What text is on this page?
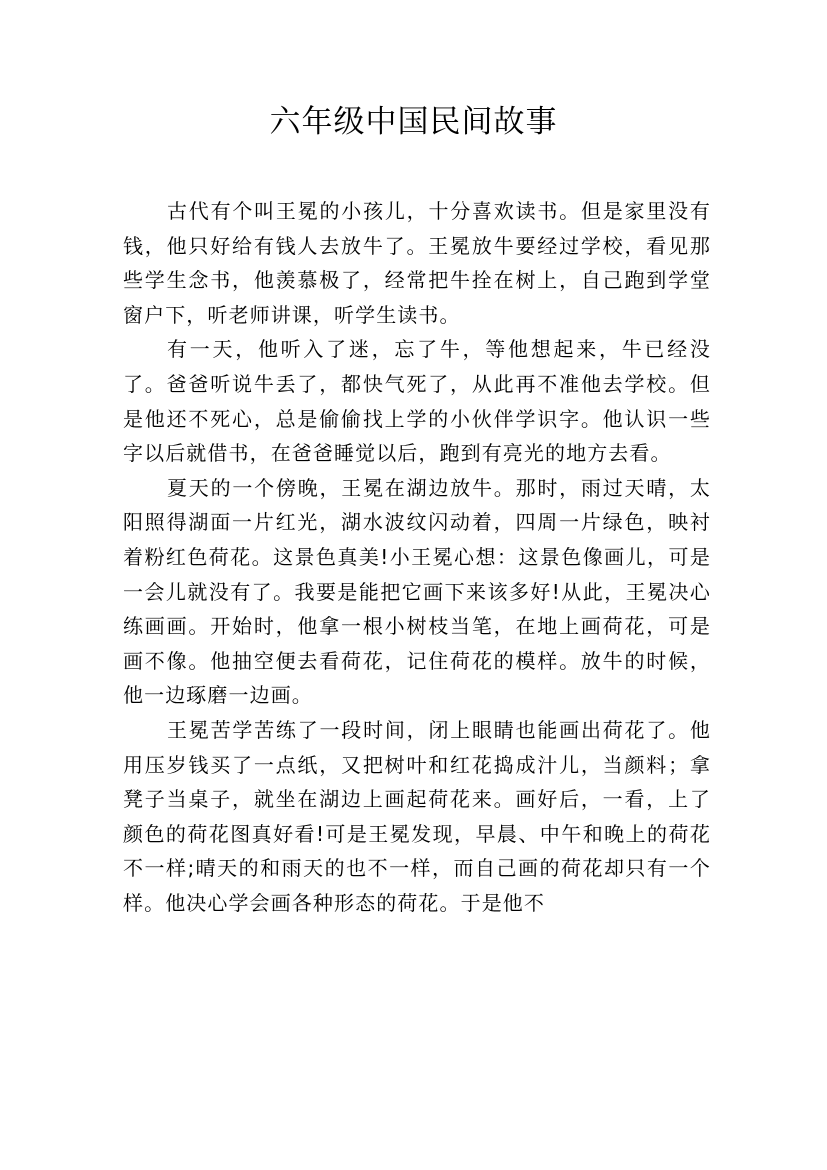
六年级中国民间故事

古代有个叫王冕的小孩儿，十分喜欢读书。但是家里没有钱，他只好给有钱人去放牛了。王冕放牛要经过学校，看见那些学生念书，他羡慕极了，经常把牛拴在树上，自己跑到学堂窗户下，听老师讲课，听学生读书。

有一天，他听入了迷，忘了牛，等他想起来，牛已经没了。爸爸听说牛丢了，都快气死了，从此再不准他去学校。但是他还不死心，总是偷偷找上学的小伙伴学识字。他认识一些字以后就借书，在爸爸睡觉以后，跑到有亮光的地方去看。

夏天的一个傍晚，王冕在湖边放牛。那时，雨过天晴，太阳照得湖面一片红光，湖水波纹闪动着，四周一片绿色，映衬着粉红色荷花。这景色真美!小王冕心想：这景色像画儿，可是一会儿就没有了。我要是能把它画下来该多好!从此，王冕决心练画画。开始时，他拿一根小树枝当笔，在地上画荷花，可是画不像。他抽空便去看荷花，记住荷花的模样。放牛的时候，他一边琢磨一边画。

王冕苦学苦练了一段时间，闭上眼睛也能画出荷花了。他用压岁钱买了一点纸，又把树叶和红花捣成汁儿，当颜料；拿凳子当桌子，就坐在湖边上画起荷花来。画好后，一看，上了颜色的荷花图真好看!可是王冕发现，早晨、中午和晚上的荷花不一样;晴天的和雨天的也不一样，而自己画的荷花却只有一个样。他决心学会画各种形态的荷花。于是他不
